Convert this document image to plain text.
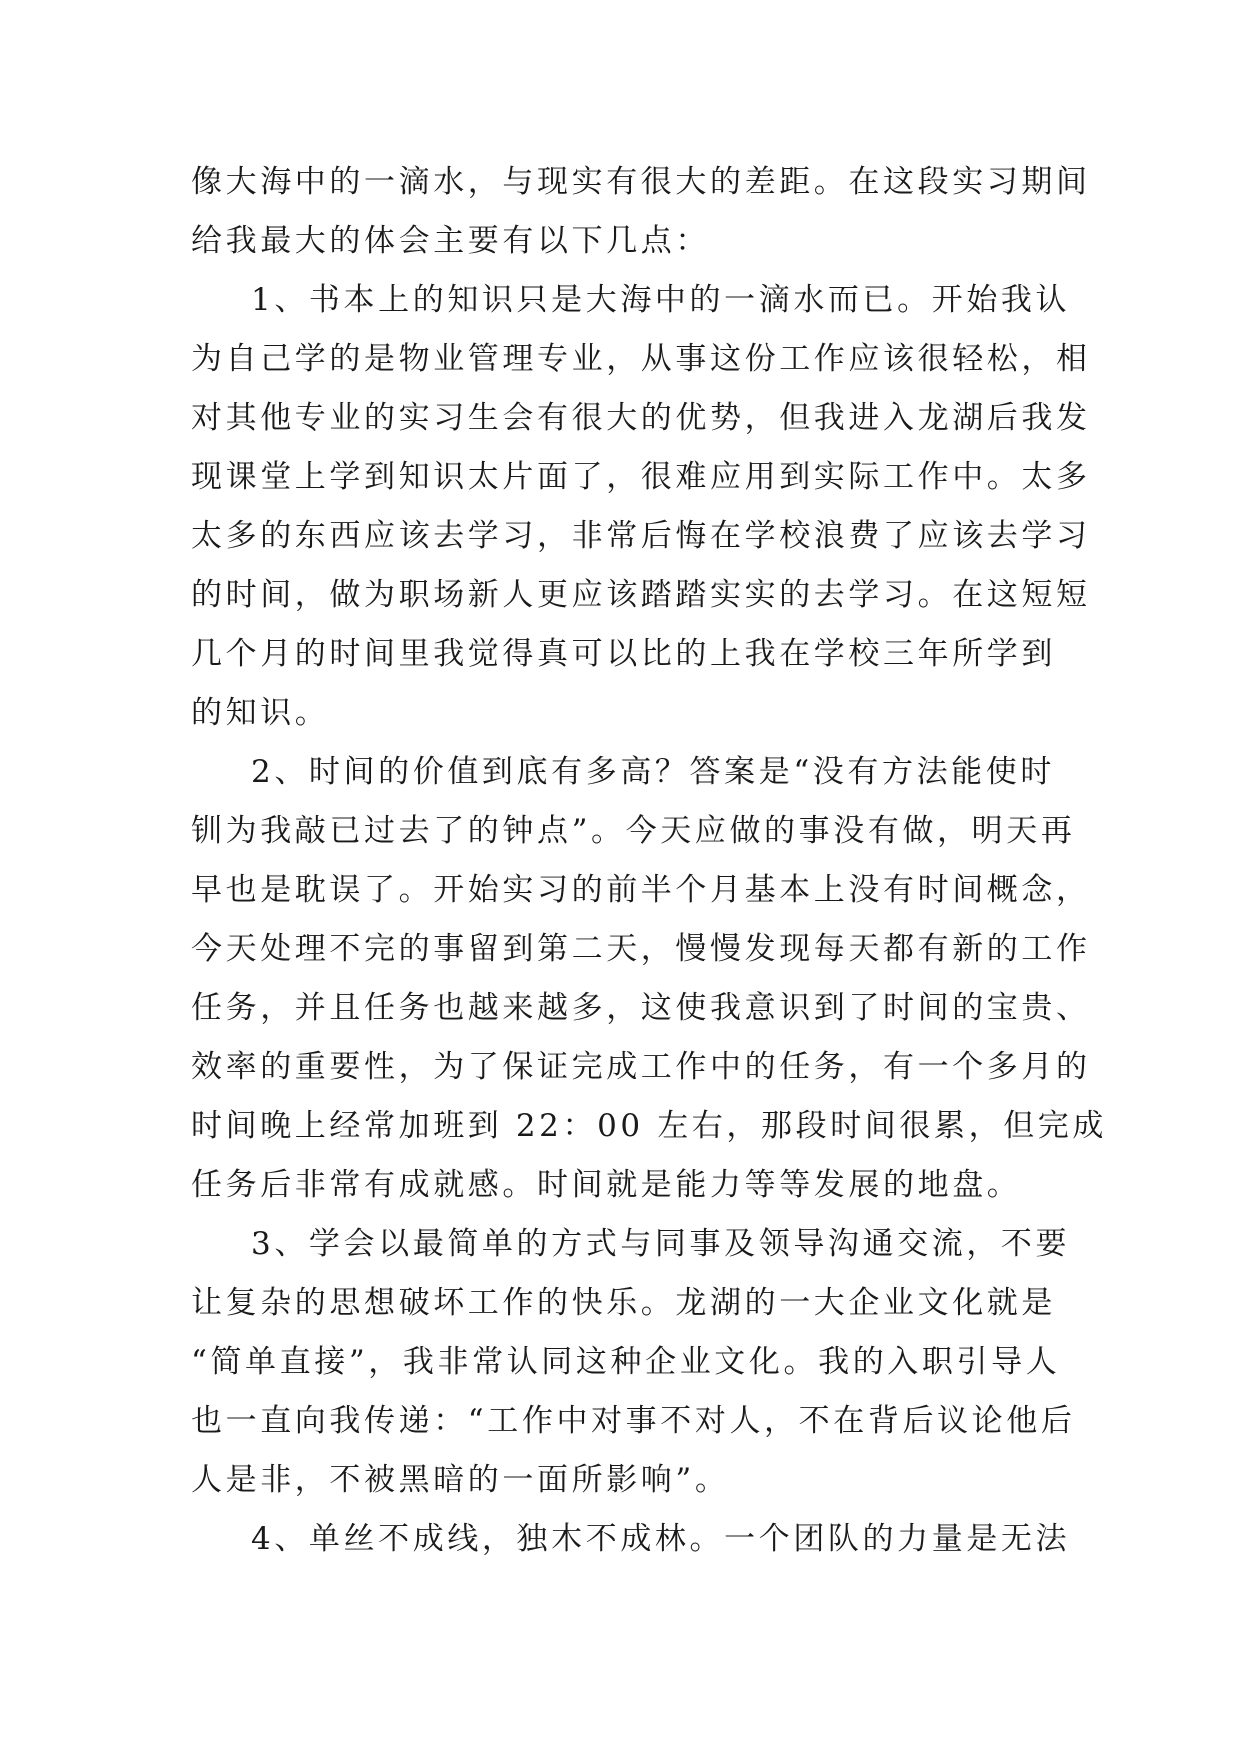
像大海中的一滴水，与现实有很大的差距。在这段实习期间
给我最大的体会主要有以下几点：
1、书本上的知识只是大海中的一滴水而已。开始我认
为自己学的是物业管理专业，从事这份工作应该很轻松，相
对其他专业的实习生会有很大的优势，但我进入龙湖后我发
现课堂上学到知识太片面了，很难应用到实际工作中。太多
太多的东西应该去学习，非常后悔在学校浪费了应该去学习
的时间，做为职场新人更应该踏踏实实的去学习。在这短短
几个月的时间里我觉得真可以比的上我在学校三年所学到
的知识。
2、时间的价值到底有多高？答案是“没有方法能使时
钏为我敲已过去了的钟点”。今天应做的事没有做，明天再
早也是耽误了。开始实习的前半个月基本上没有时间概念，
今天处理不完的事留到第二天，慢慢发现每天都有新的工作
任务，并且任务也越来越多，这使我意识到了时间的宝贵、
效率的重要性，为了保证完成工作中的任务，有一个多月的
时间晚上经常加班到 22：00 左右，那段时间很累，但完成
任务后非常有成就感。时间就是能力等等发展的地盘。
3、学会以最简单的方式与同事及领导沟通交流，不要
让复杂的思想破坏工作的快乐。龙湖的一大企业文化就是
“简单直接”，我非常认同这种企业文化。我的入职引导人
也一直向我传递：“工作中对事不对人，不在背后议论他后
人是非，不被黑暗的一面所影响”。
4、单丝不成线，独木不成林。一个团队的力量是无法
